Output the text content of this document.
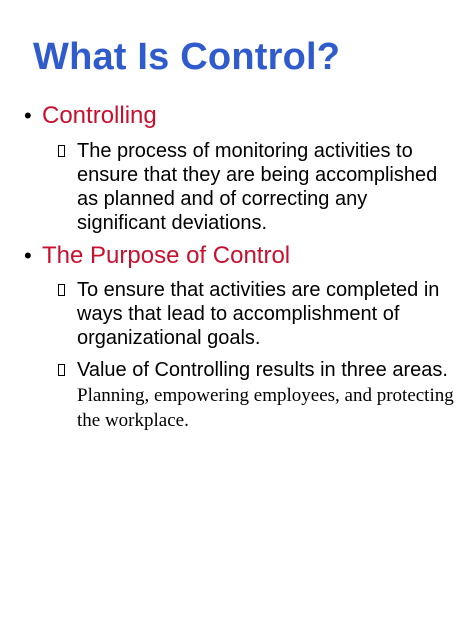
What Is Control?
• Controlling
The process of monitoring activities to ensure that they are being accomplished as planned and of correcting any significant deviations.
• The Purpose of Control
To ensure that activities are completed in ways that lead to accomplishment of organizational goals.
Value of Controlling results in three areas. Planning, empowering employees, and protecting the workplace.
